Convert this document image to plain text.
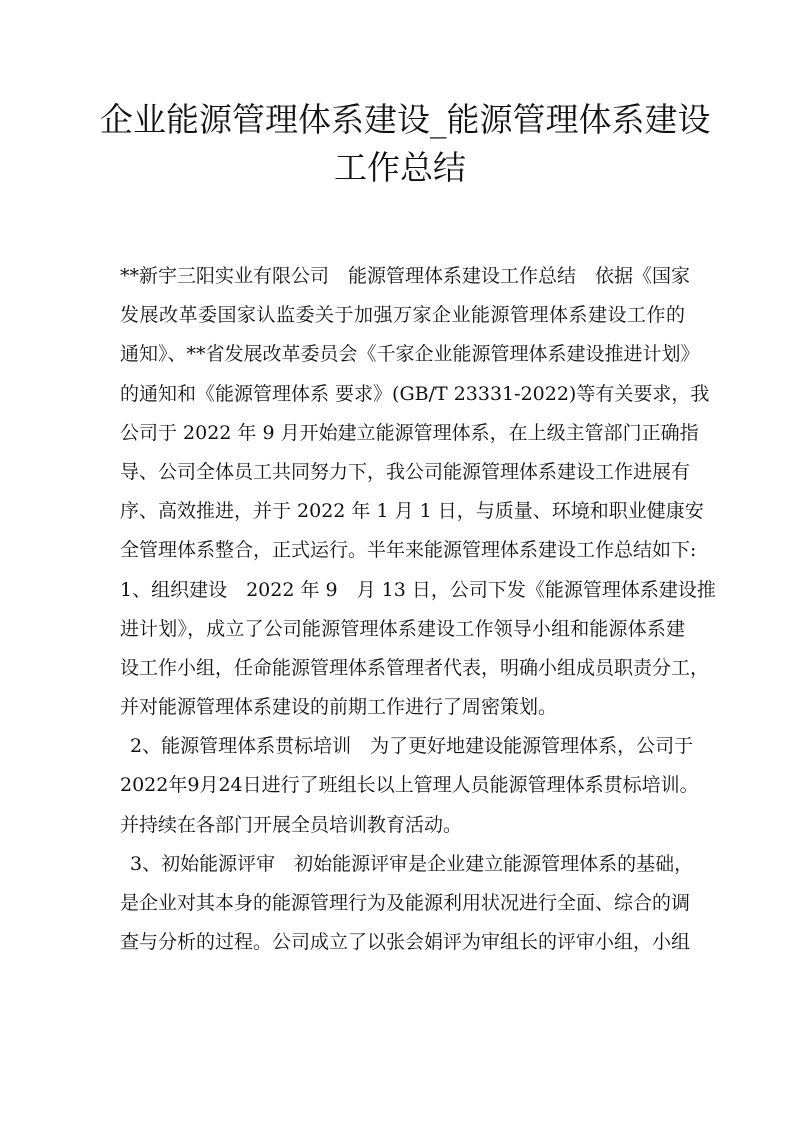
企业能源管理体系建设_能源管理体系建设
工作总结
**新宇三阳实业有限公司　能源管理体系建设工作总结　依据《国家
发展改革委国家认监委关于加强万家企业能源管理体系建设工作的
通知》、**省发展改革委员会《千家企业能源管理体系建设推进计划》
的通知和《能源管理体系 要求》(GB/T 23331-2022)等有关要求，我
公司于 2022 年 9 月开始建立能源管理体系，在上级主管部门正确指
导、公司全体员工共同努力下，我公司能源管理体系建设工作进展有
序、高效推进，并于 2022 年 1 月 1 日，与质量、环境和职业健康安
全管理体系整合，正式运行。半年来能源管理体系建设工作总结如下:
1、组织建设　2022 年 9　月 13 日，公司下发《能源管理体系建设推
进计划》，成立了公司能源管理体系建设工作领导小组和能源体系建
设工作小组，任命能源管理体系管理者代表，明确小组成员职责分工，
并对能源管理体系建设的前期工作进行了周密策划。
2、能源管理体系贯标培训　为了更好地建设能源管理体系，公司于
2022年9月24日进行了班组长以上管理人员能源管理体系贯标培训。
并持续在各部门开展全员培训教育活动。
3、初始能源评审　初始能源评审是企业建立能源管理体系的基础，
是企业对其本身的能源管理行为及能源利用状况进行全面、综合的调
查与分析的过程。公司成立了以张会娟评为审组长的评审小组，小组
